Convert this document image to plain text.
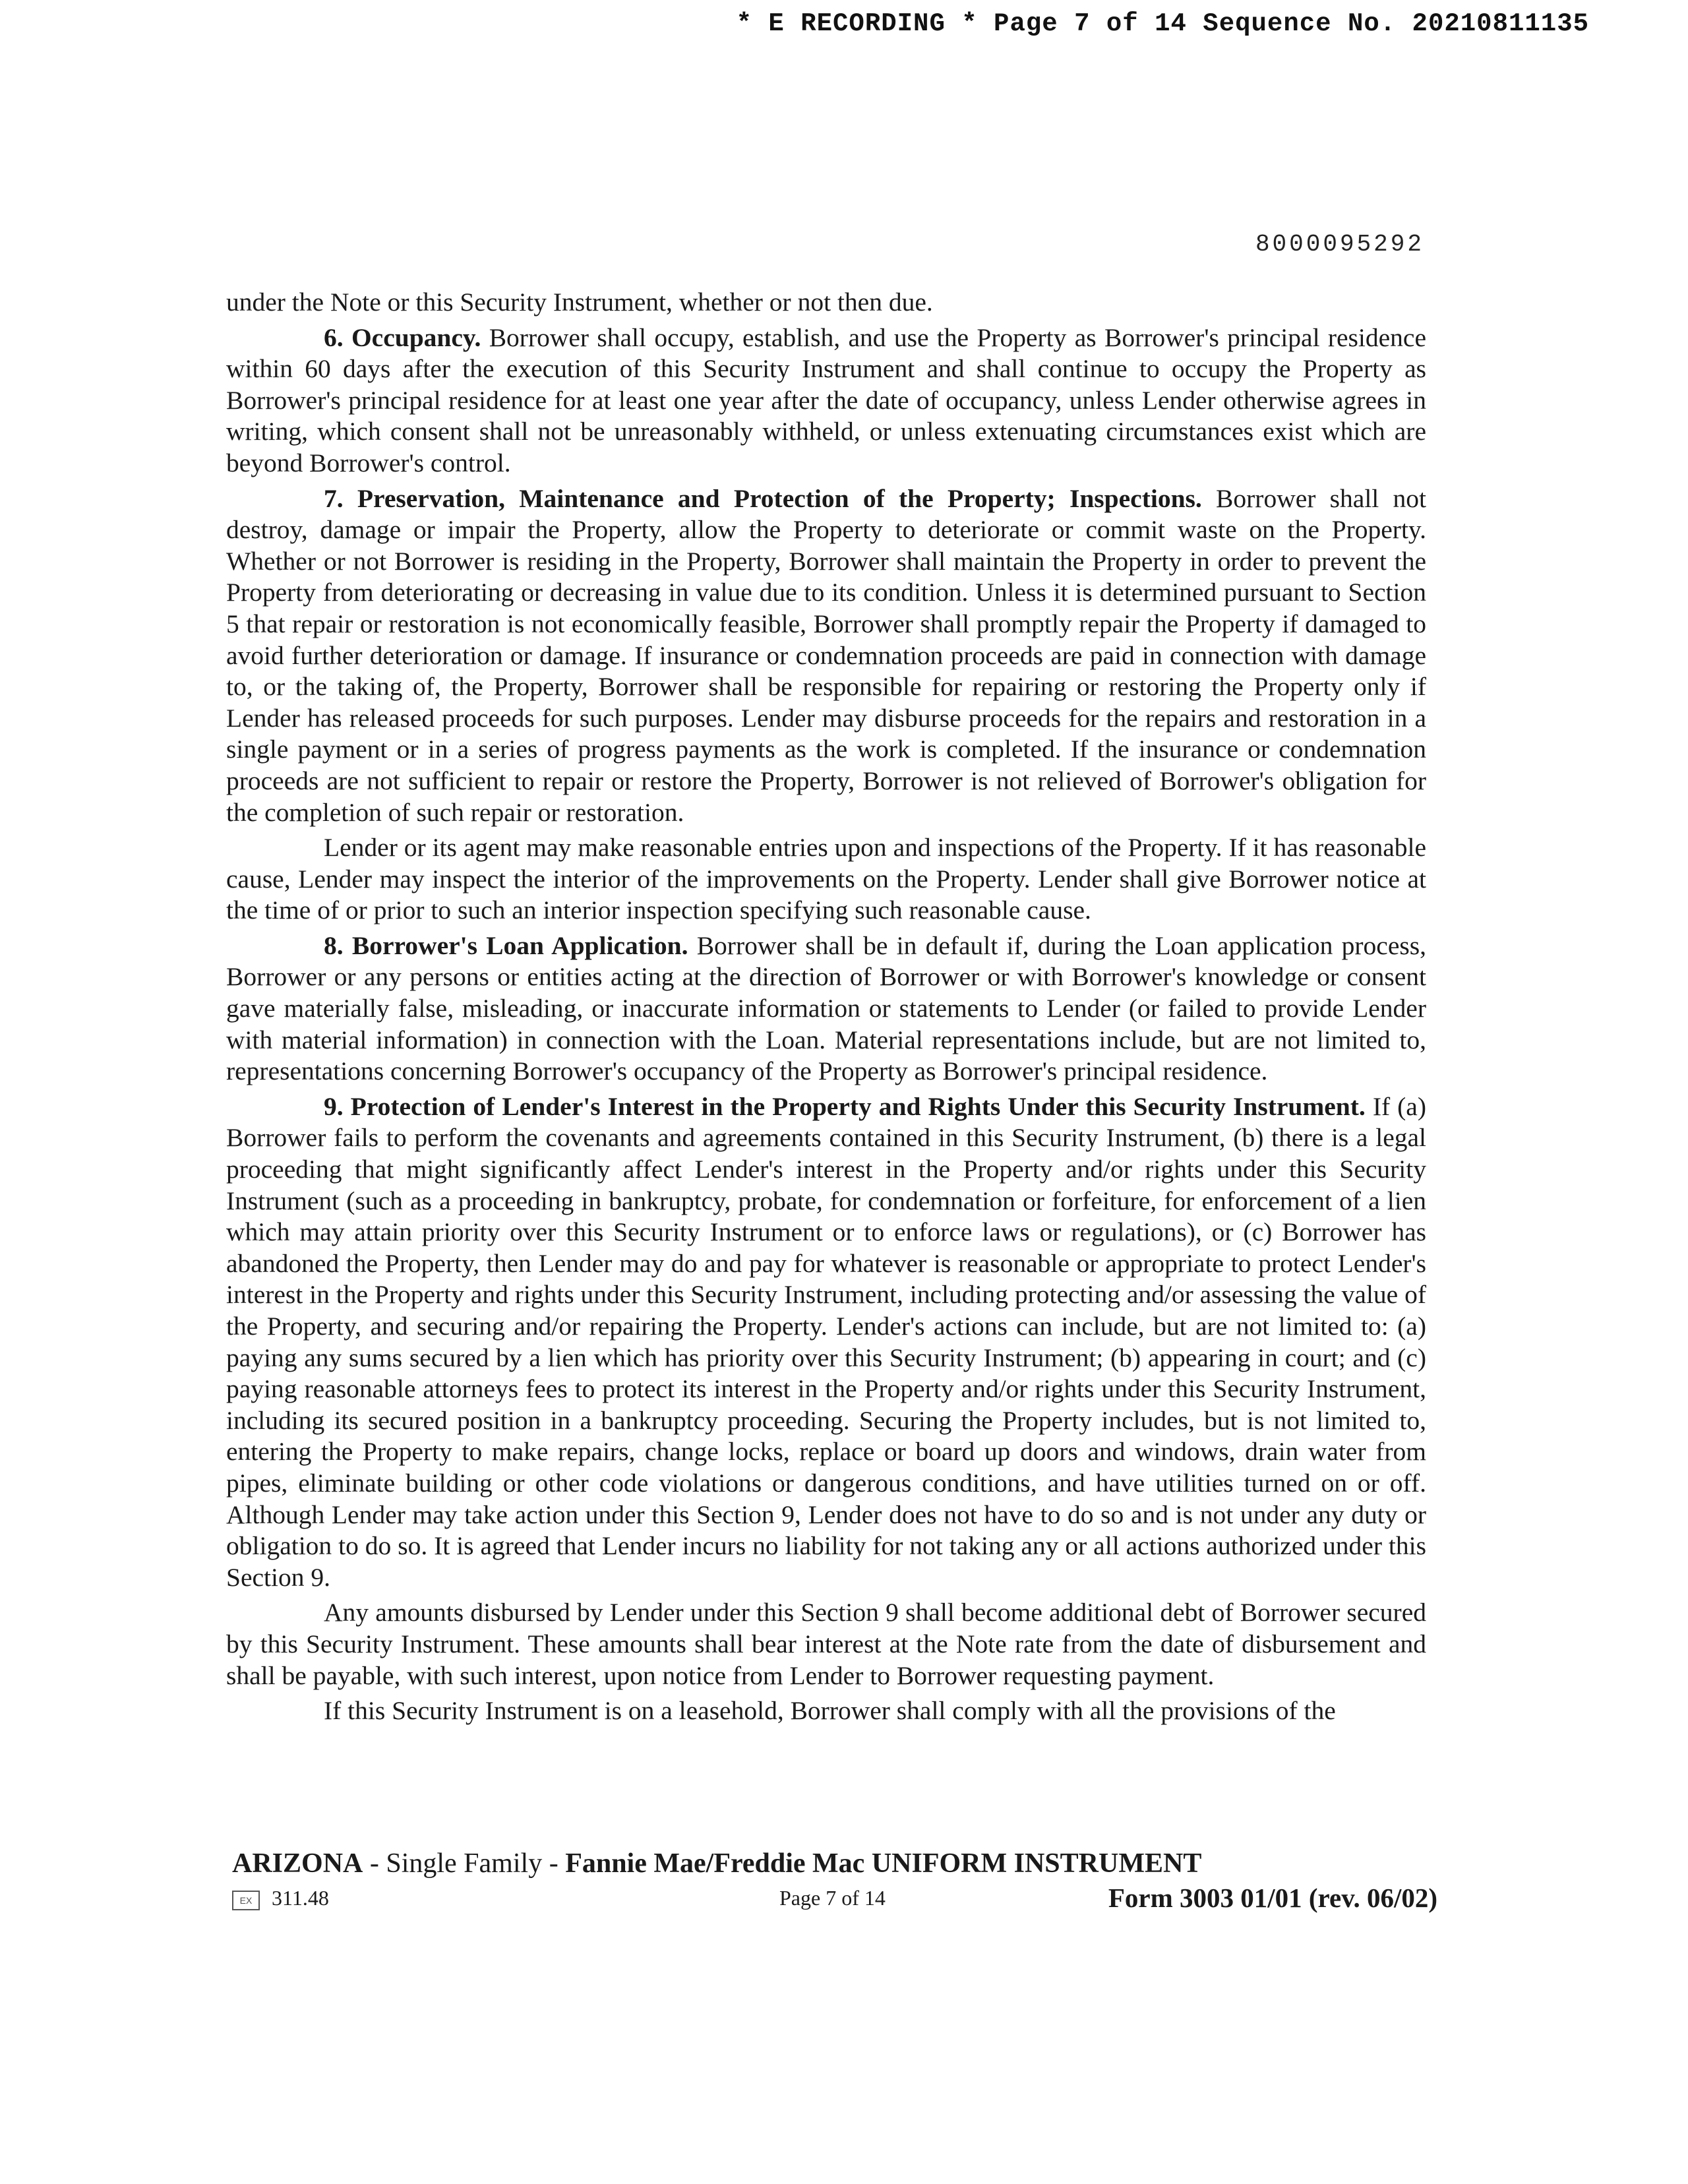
* E RECORDING * Page 7 of 14 Sequence No. 20210811135
8000095292

under the Note or this Security Instrument, whether or not then due.

6. Occupancy. Borrower shall occupy, establish, and use the Property as Borrower's principal residence within 60 days after the execution of this Security Instrument and shall continue to occupy the Property as Borrower's principal residence for at least one year after the date of occupancy, unless Lender otherwise agrees in writing, which consent shall not be unreasonably withheld, or unless extenuating circumstances exist which are beyond Borrower's control.

7. Preservation, Maintenance and Protection of the Property; Inspections. Borrower shall not destroy, damage or impair the Property, allow the Property to deteriorate or commit waste on the Property. Whether or not Borrower is residing in the Property, Borrower shall maintain the Property in order to prevent the Property from deteriorating or decreasing in value due to its condition. Unless it is determined pursuant to Section 5 that repair or restoration is not economically feasible, Borrower shall promptly repair the Property if damaged to avoid further deterioration or damage. If insurance or condemnation proceeds are paid in connection with damage to, or the taking of, the Property, Borrower shall be responsible for repairing or restoring the Property only if Lender has released proceeds for such purposes. Lender may disburse proceeds for the repairs and restoration in a single payment or in a series of progress payments as the work is completed. If the insurance or condemnation proceeds are not sufficient to repair or restore the Property, Borrower is not relieved of Borrower's obligation for the completion of such repair or restoration.

Lender or its agent may make reasonable entries upon and inspections of the Property. If it has reasonable cause, Lender may inspect the interior of the improvements on the Property. Lender shall give Borrower notice at the time of or prior to such an interior inspection specifying such reasonable cause.

8. Borrower's Loan Application. Borrower shall be in default if, during the Loan application process, Borrower or any persons or entities acting at the direction of Borrower or with Borrower's knowledge or consent gave materially false, misleading, or inaccurate information or statements to Lender (or failed to provide Lender with material information) in connection with the Loan. Material representations include, but are not limited to, representations concerning Borrower's occupancy of the Property as Borrower's principal residence.

9. Protection of Lender's Interest in the Property and Rights Under this Security Instrument. If (a) Borrower fails to perform the covenants and agreements contained in this Security Instrument, (b) there is a legal proceeding that might significantly affect Lender's interest in the Property and/or rights under this Security Instrument (such as a proceeding in bankruptcy, probate, for condemnation or forfeiture, for enforcement of a lien which may attain priority over this Security Instrument or to enforce laws or regulations), or (c) Borrower has abandoned the Property, then Lender may do and pay for whatever is reasonable or appropriate to protect Lender's interest in the Property and rights under this Security Instrument, including protecting and/or assessing the value of the Property, and securing and/or repairing the Property. Lender's actions can include, but are not limited to: (a) paying any sums secured by a lien which has priority over this Security Instrument; (b) appearing in court; and (c) paying reasonable attorneys fees to protect its interest in the Property and/or rights under this Security Instrument, including its secured position in a bankruptcy proceeding. Securing the Property includes, but is not limited to, entering the Property to make repairs, change locks, replace or board up doors and windows, drain water from pipes, eliminate building or other code violations or dangerous conditions, and have utilities turned on or off. Although Lender may take action under this Section 9, Lender does not have to do so and is not under any duty or obligation to do so. It is agreed that Lender incurs no liability for not taking any or all actions authorized under this Section 9.

Any amounts disbursed by Lender under this Section 9 shall become additional debt of Borrower secured by this Security Instrument. These amounts shall bear interest at the Note rate from the date of disbursement and shall be payable, with such interest, upon notice from Lender to Borrower requesting payment.

If this Security Instrument is on a leasehold, Borrower shall comply with all the provisions of the

ARIZONA - Single Family - Fannie Mae/Freddie Mac UNIFORM INSTRUMENT
EX 311.48	Page 7 of 14	Form 3003 01/01 (rev. 06/02)
